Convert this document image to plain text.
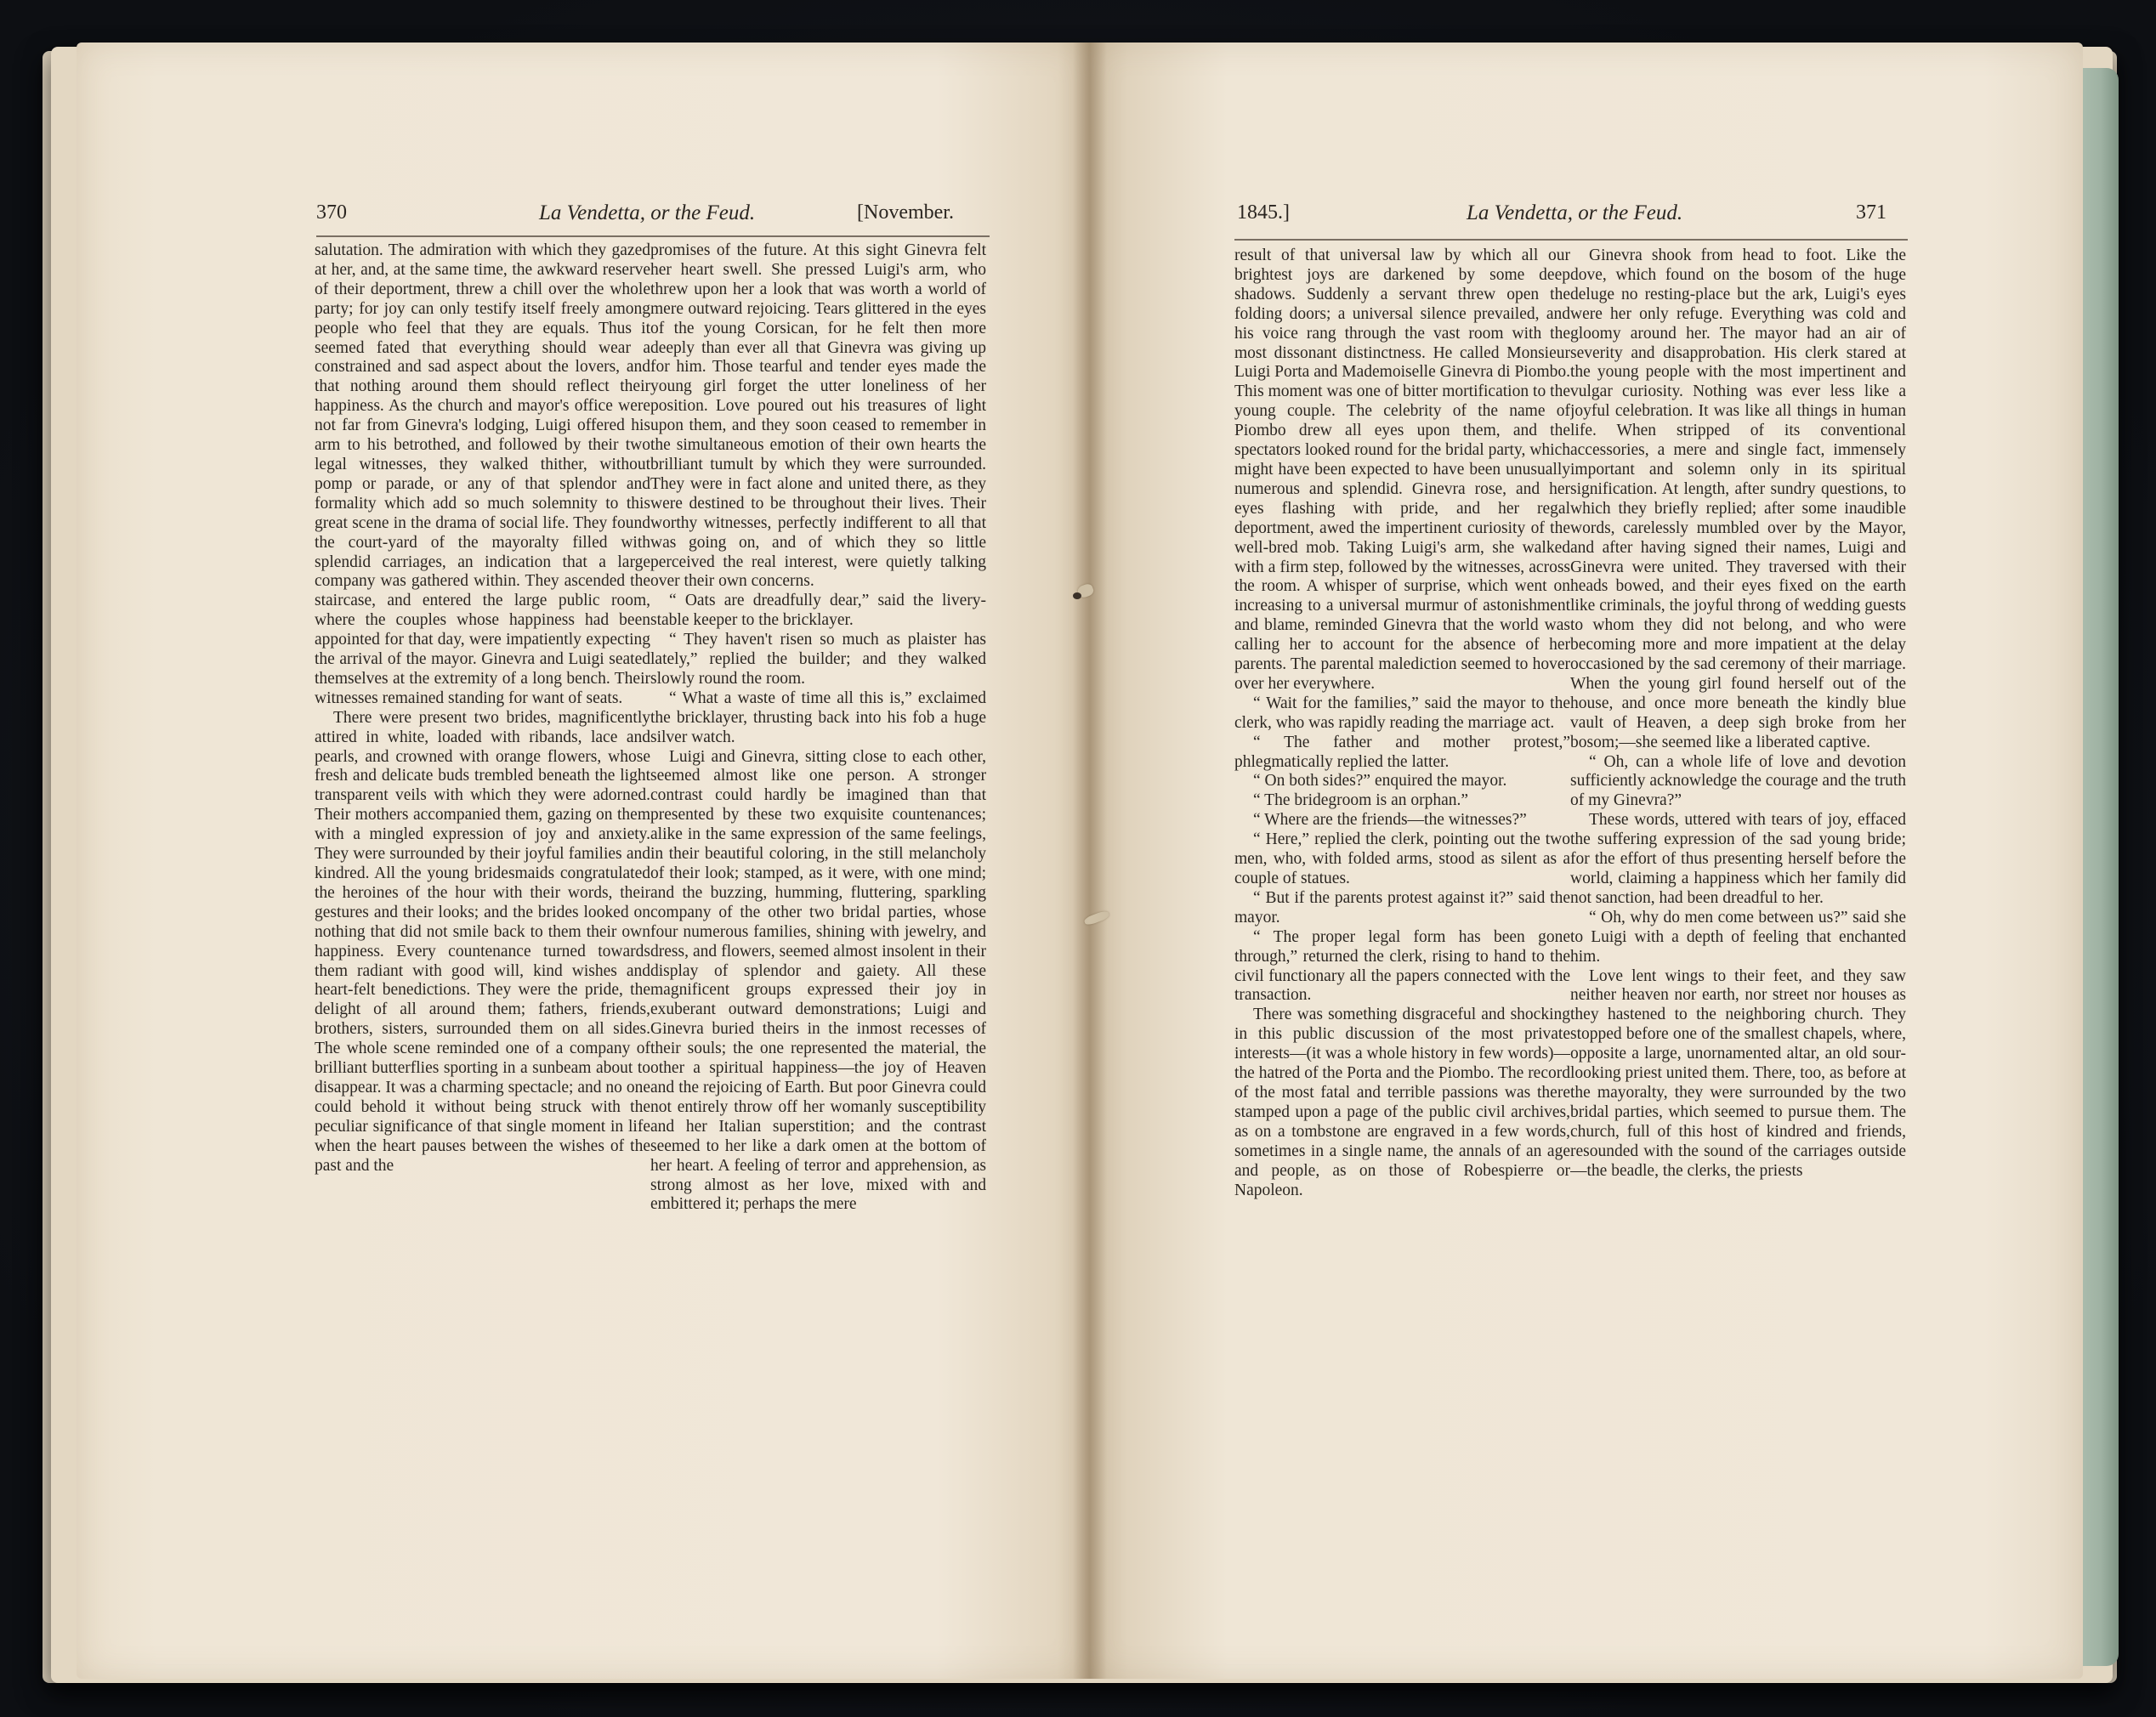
370	La Vendetta, or the Feud.	[November.

salutation. The admiration with which they gazed at her, and, at the same time, the awkward reserve of their deportment, threw a chill over the whole party; for joy can only testify itself freely among people who feel that they are equals. Thus it seemed fated that everything should wear a constrained and sad aspect about the lovers, and that nothing around them should reflect their happiness. As the church and mayor's office were not far from Ginevra's lodging, Luigi offered his arm to his betrothed, and followed by their two legal witnesses, they walked thither, without pomp or parade, or any of that splendor and formality which add so much solemnity to this great scene in the drama of social life. They found the court-yard of the mayoralty filled with splendid carriages, an indication that a large company was gathered within. They ascended the staircase, and entered the large public room, where the couples whose happiness had been appointed for that day, were impatiently expecting the arrival of the mayor. Ginevra and Luigi seated themselves at the extremity of a long bench. Their witnesses remained standing for want of seats.

There were present two brides, magnificently attired in white, loaded with ribands, lace and pearls, and crowned with orange flowers, whose fresh and delicate buds trembled beneath the light transparent veils with which they were adorned. Their mothers accompanied them, gazing on them with a mingled expression of joy and anxiety. They were surrounded by their joyful families and kindred. All the young bridesmaids congratulated the heroines of the hour with their words, their gestures and their looks; and the brides looked on nothing that did not smile back to them their own happiness. Every countenance turned towards them radiant with good will, kind wishes and heart-felt benedictions. They were the pride, the delight of all around them; fathers, friends, brothers, sisters, surrounded them on all sides. The whole scene reminded one of a company of brilliant butterflies sporting in a sunbeam about to disappear. It was a charming spectacle; and no one could behold it without being struck with the peculiar significance of that single moment in life when the heart pauses between the wishes of the past and the

promises of the future. At this sight Ginevra felt her heart swell. She pressed Luigi's arm, who threw upon her a look that was worth a world of mere outward rejoicing. Tears glittered in the eyes of the young Corsican, for he felt then more deeply than ever all that Ginevra was giving up for him. Those tearful and tender eyes made the young girl forget the utter loneliness of her position. Love poured out his treasures of light upon them, and they soon ceased to remember in the simultaneous emotion of their own hearts the brilliant tumult by which they were surrounded. They were in fact alone and united there, as they were destined to be throughout their lives. Their worthy witnesses, perfectly indifferent to all that was going on, and of which they so little perceived the real interest, were quietly talking over their own concerns.

“ Oats are dreadfully dear,” said the livery-stable keeper to the bricklayer.

“ They haven't risen so much as plaister has lately,” replied the builder; and they walked slowly round the room.

“ What a waste of time all this is,” exclaimed the bricklayer, thrusting back into his fob a huge silver watch.

Luigi and Ginevra, sitting close to each other, seemed almost like one person. A stronger contrast could hardly be imagined than that presented by these two exquisite countenances; alike in the same expression of the same feelings, in their beautiful coloring, in the still melancholy of their look; stamped, as it were, with one mind; and the buzzing, humming, fluttering, sparkling company of the other two bridal parties, whose four numerous families, shining with jewelry, and dress, and flowers, seemed almost insolent in their display of splendor and gaiety. All these magnificent groups expressed their joy in exuberant outward demonstrations; Luigi and Ginevra buried theirs in the inmost recesses of their souls; the one represented the material, the other a spiritual happiness—the joy of Heaven and the rejoicing of Earth. But poor Ginevra could not entirely throw off her womanly susceptibility and her Italian superstition; and the contrast seemed to her like a dark omen at the bottom of her heart. A feeling of terror and apprehension, as strong almost as her love, mixed with and embittered it; perhaps the mere

1845.]	La Vendetta, or the Feud.	371

result of that universal law by which all our brightest joys are darkened by some deep shadows. Suddenly a servant threw open the folding doors; a universal silence prevailed, and his voice rang through the vast room with the most dissonant distinctness. He called Monsieur Luigi Porta and Mademoiselle Ginevra di Piombo. This moment was one of bitter mortification to the young couple. The celebrity of the name of Piombo drew all eyes upon them, and the spectators looked round for the bridal party, which might have been expected to have been unusually numerous and splendid. Ginevra rose, and her eyes flashing with pride, and her regal deportment, awed the impertinent curiosity of the well-bred mob. Taking Luigi's arm, she walked with a firm step, followed by the witnesses, across the room. A whisper of surprise, which went on increasing to a universal murmur of astonishment and blame, reminded Ginevra that the world was calling her to account for the absence of her parents. The parental malediction seemed to hover over her everywhere.

“ Wait for the families,” said the mayor to the clerk, who was rapidly reading the marriage act.

“ The father and mother protest,” phlegmatically replied the latter.

“ On both sides?” enquired the mayor.

“ The bridegroom is an orphan.”

“ Where are the friends—the witnesses?”

“ Here,” replied the clerk, pointing out the two men, who, with folded arms, stood as silent as a couple of statues.

“ But if the parents protest against it?” said the mayor.

“ The proper legal form has been gone through,” returned the clerk, rising to hand to the civil functionary all the papers connected with the transaction.

There was something disgraceful and shocking in this public discussion of the most private interests—(it was a whole history in few words)—the hatred of the Porta and the Piombo. The record of the most fatal and terrible passions was there stamped upon a page of the public civil archives, as on a tombstone are engraved in a few words, sometimes in a single name, the annals of an age and people, as on those of Robespierre or Napoleon.

Ginevra shook from head to foot. Like the dove, which found on the bosom of the huge deluge no resting-place but the ark, Luigi's eyes were her only refuge. Everything was cold and gloomy around her. The mayor had an air of severity and disapprobation. His clerk stared at the young people with the most impertinent and vulgar curiosity. Nothing was ever less like a joyful celebration. It was like all things in human life. When stripped of its conventional accessories, a mere and single fact, immensely important and solemn only in its spiritual signification. At length, after sundry questions, to which they briefly replied; after some inaudible words, carelessly mumbled over by the Mayor, and after having signed their names, Luigi and Ginevra were united. They traversed with their heads bowed, and their eyes fixed on the earth like criminals, the joyful throng of wedding guests to whom they did not belong, and who were becoming more and more impatient at the delay occasioned by the sad ceremony of their marriage. When the young girl found herself out of the house, and once more beneath the kindly blue vault of Heaven, a deep sigh broke from her bosom;—she seemed like a liberated captive.

“ Oh, can a whole life of love and devotion sufficiently acknowledge the courage and the truth of my Ginevra?”

These words, uttered with tears of joy, effaced the suffering expression of the sad young bride; for the effort of thus presenting herself before the world, claiming a happiness which her family did not sanction, had been dreadful to her.

“ Oh, why do men come between us?” said she to Luigi with a depth of feeling that enchanted him.

Love lent wings to their feet, and they saw neither heaven nor earth, nor street nor houses as they hastened to the neighboring church. They stopped before one of the smallest chapels, where, opposite a large, unornamented altar, an old sour-looking priest united them. There, too, as before at the mayoralty, they were surrounded by the two bridal parties, which seemed to pursue them. The church, full of this host of kindred and friends, resounded with the sound of the carriages outside—the beadle, the clerks, the priests
